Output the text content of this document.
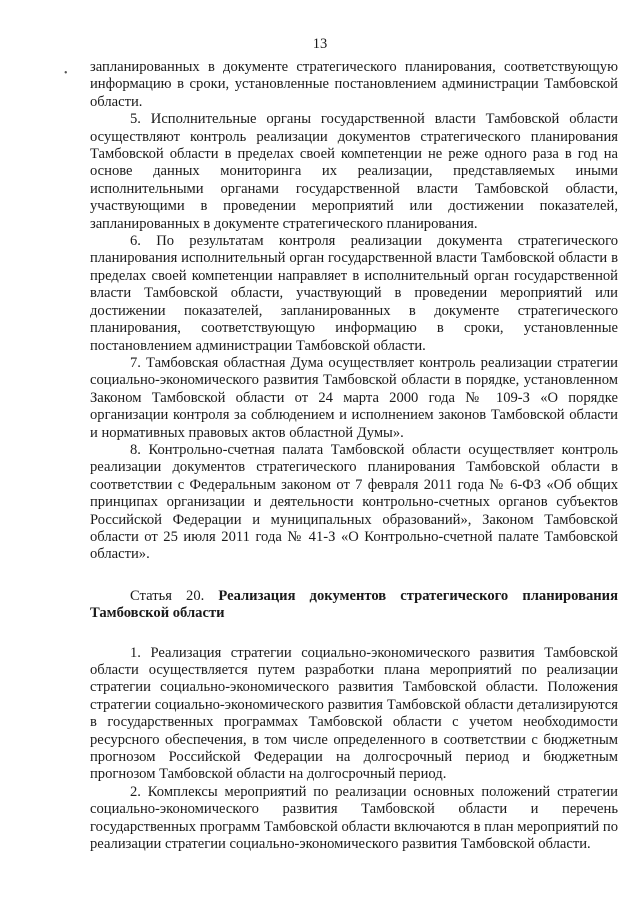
13
• запланированных в документе стратегического планирования, соответствующую информацию в сроки, установленные постановлением администрации Тамбовской области.

5. Исполнительные органы государственной власти Тамбовской области осуществляют контроль реализации документов стратегического планирования Тамбовской области в пределах своей компетенции не реже одного раза в год на основе данных мониторинга их реализации, представляемых иными исполнительными органами государственной власти Тамбовской области, участвующими в проведении мероприятий или достижении показателей, запланированных в документе стратегического планирования.

6. По результатам контроля реализации документа стратегического планирования исполнительный орган государственной власти Тамбовской области в пределах своей компетенции направляет в исполнительный орган государственной власти Тамбовской области, участвующий в проведении мероприятий или достижении показателей, запланированных в документе стратегического планирования, соответствующую информацию в сроки, установленные постановлением администрации Тамбовской области.

7. Тамбовская областная Дума осуществляет контроль реализации стратегии социально-экономического развития Тамбовской области в порядке, установленном Законом Тамбовской области от 24 марта 2000 года № 109-З «О порядке организации контроля за соблюдением и исполнением законов Тамбовской области и нормативных правовых актов областной Думы».

8. Контрольно-счетная палата Тамбовской области осуществляет контроль реализации документов стратегического планирования Тамбовской области в соответствии с Федеральным законом от 7 февраля 2011 года № 6-ФЗ «Об общих принципах организации и деятельности контрольно-счетных органов субъектов Российской Федерации и муниципальных образований», Законом Тамбовской области от 25 июля 2011 года № 41-З «О Контрольно-счетной палате Тамбовской области».

Статья 20. Реализация документов стратегического планирования Тамбовской области

1. Реализация стратегии социально-экономического развития Тамбовской области осуществляется путем разработки плана мероприятий по реализации стратегии социально-экономического развития Тамбовской области. Положения стратегии социально-экономического развития Тамбовской области детализируются в государственных программах Тамбовской области с учетом необходимости ресурсного обеспечения, в том числе определенного в соответствии с бюджетным прогнозом Российской Федерации на долгосрочный период и бюджетным прогнозом Тамбовской области на долгосрочный период.

2. Комплексы мероприятий по реализации основных положений стратегии социально-экономического развития Тамбовской области и перечень государственных программ Тамбовской области включаются в план мероприятий по реализации стратегии социально-экономического развития Тамбовской области.
